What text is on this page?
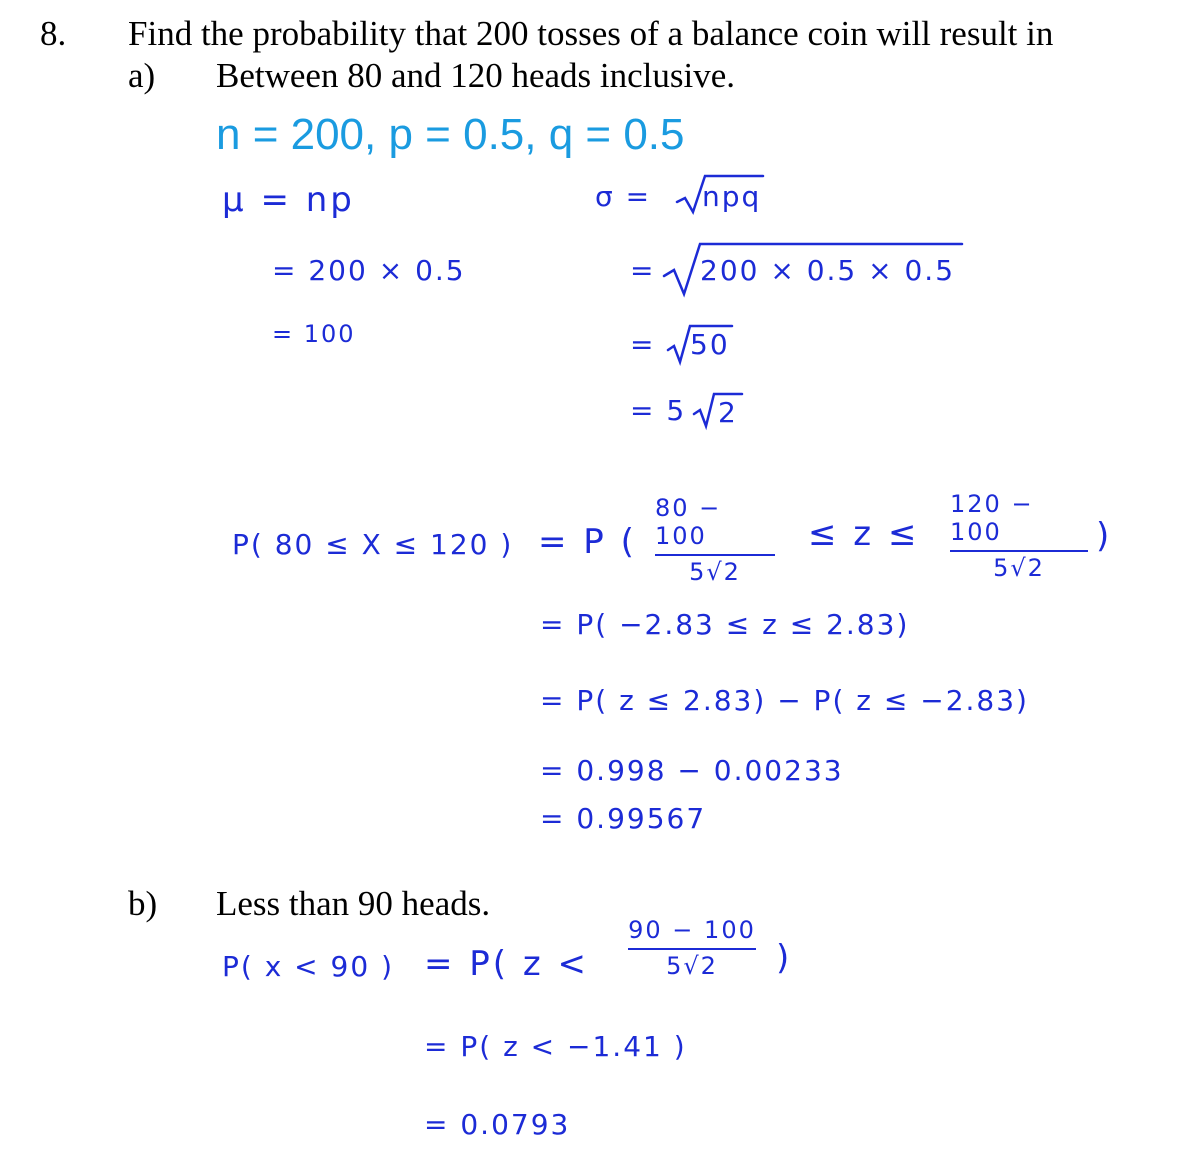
8. Find the probability that 200 tosses of a balance coin will result in
a) Between 80 and 120 heads inclusive.
n = 200, p = 0.5, q = 0.5
μ = np
= 200 × 0.5
= 100
σ = npq
= 200 × 0.5 × 0.5
= 50
= 5 2
P( 80 ≤ X ≤ 120 ) = P (
80 − 100
5√2
≤ z ≤
120 − 100
5√2
)
= P( −2.83 ≤ z ≤ 2.83)
= P( z ≤ 2.83) − P( z ≤ −2.83)
= 0.998 − 0.00233
= 0.99567
b) Less than 90 heads.
P( x < 90 ) = P( z <
90 − 100
5√2 )
= P( z < −1.41 )
= 0.0793
